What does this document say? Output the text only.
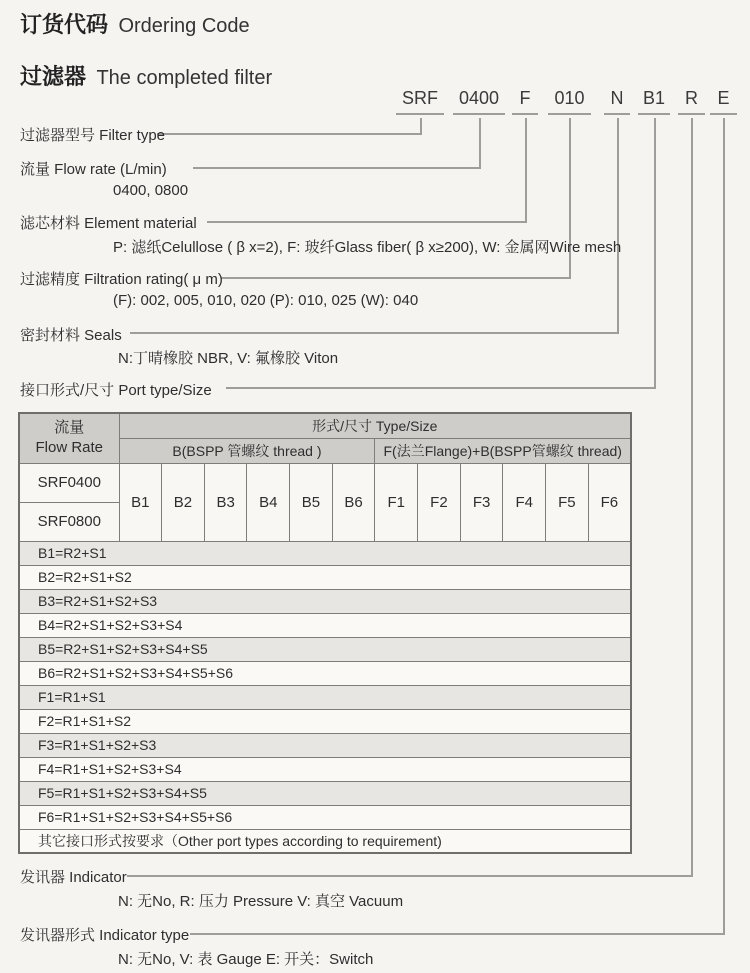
订货代码 Ordering Code
过滤器 The completed filter
SRF	0400	F	010	N	B1	R	E
过滤器型号 Filter type
流量 Flow rate (L/min)
0400, 0800
滤芯材料 Element material
P: 滤纸Celullose ( β x=2), F: 玻纤Glass fiber( β x≥200), W: 金属网Wire mesh
过滤精度 Filtration rating( μ m)
(F): 002, 005, 010, 020 (P): 010, 025 (W): 040
密封材料 Seals
N:丁晴橡胶 NBR, V: 氟橡胶 Viton
接口形式/尺寸 Port type/Size
发讯器 Indicator
N: 无No, R: 压力 Pressure V: 真空 Vacuum
发讯器形式 Indicator type
N: 无No, V: 表 Gauge E: 开关：Switch
流量
Flow Rate	形式/尺寸 Type/Size											
	B(BSPP 管螺纹 thread )						F(法兰Flange)+B(BSPP管螺纹 thread)					
SRF0400	B1	B2	B3	B4	B5	B6	F1	F2	F3	F4	F5	F6
SRF0800												
B1=R2+S1												
B2=R2+S1+S2												
B3=R2+S1+S2+S3												
B4=R2+S1+S2+S3+S4												
B5=R2+S1+S2+S3+S4+S5												
B6=R2+S1+S2+S3+S4+S5+S6												
F1=R1+S1												
F2=R1+S1+S2												
F3=R1+S1+S2+S3												
F4=R1+S1+S2+S3+S4												
F5=R1+S1+S2+S3+S4+S5												
F6=R1+S1+S2+S3+S4+S5+S6												
其它接口形式按要求（Other port types according to requirement)												
